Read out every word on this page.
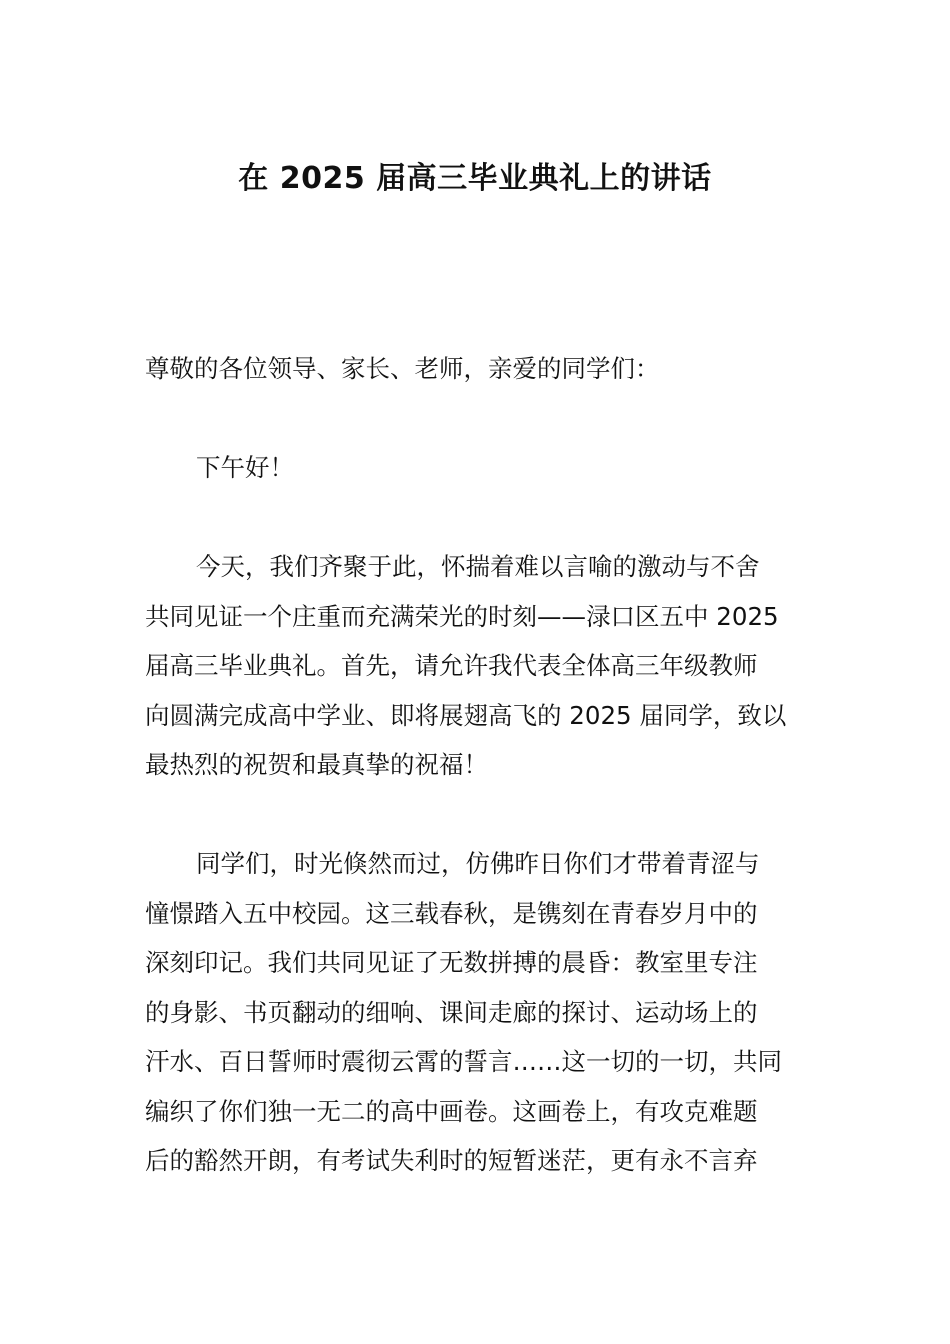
在 2025 届高三毕业典礼上的讲话
尊敬的各位领导、家长、老师，亲爱的同学们：
下午好！
今天，我们齐聚于此，怀揣着难以言喻的激动与不舍
共同见证一个庄重而充满荣光的时刻——渌口区五中 2025
届高三毕业典礼。首先，请允许我代表全体高三年级教师
向圆满完成高中学业、即将展翅高飞的 2025 届同学，致以
最热烈的祝贺和最真挚的祝福！
同学们，时光倏然而过，仿佛昨日你们才带着青涩与
憧憬踏入五中校园。这三载春秋，是镌刻在青春岁月中的
深刻印记。我们共同见证了无数拼搏的晨昏：教室里专注
的身影、书页翻动的细响、课间走廊的探讨、运动场上的
汗水、百日誓师时震彻云霄的誓言……这一切的一切，共同
编织了你们独一无二的高中画卷。这画卷上，有攻克难题
后的豁然开朗，有考试失利时的短暂迷茫，更有永不言弃
